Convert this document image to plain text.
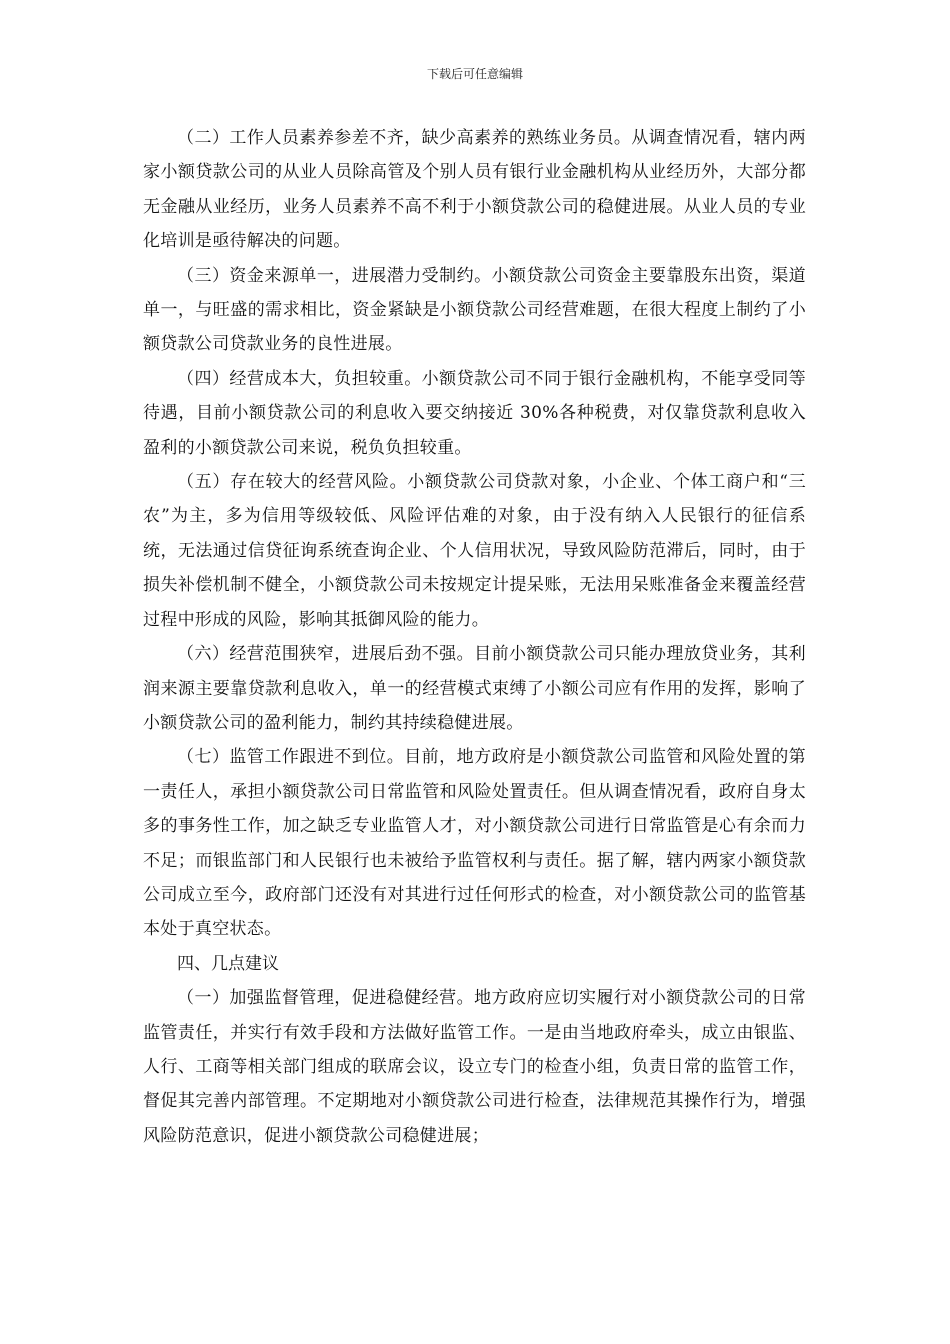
下载后可任意编辑

（二）工作人员素养参差不齐，缺少高素养的熟练业务员。从调查情况看，辖内两家小额贷款公司的从业人员除高管及个别人员有银行业金融机构从业经历外，大部分都无金融从业经历，业务人员素养不高不利于小额贷款公司的稳健进展。从业人员的专业化培训是亟待解决的问题。

（三）资金来源单一，进展潜力受制约。小额贷款公司资金主要靠股东出资，渠道单一，与旺盛的需求相比，资金紧缺是小额贷款公司经营难题，在很大程度上制约了小额贷款公司贷款业务的良性进展。

（四）经营成本大，负担较重。小额贷款公司不同于银行金融机构，不能享受同等待遇，目前小额贷款公司的利息收入要交纳接近 30%各种税费，对仅靠贷款利息收入盈利的小额贷款公司来说，税负负担较重。

（五）存在较大的经营风险。小额贷款公司贷款对象，小企业、个体工商户和“三农”为主，多为信用等级较低、风险评估难的对象，由于没有纳入人民银行的征信系统，无法通过信贷征询系统查询企业、个人信用状况，导致风险防范滞后，同时，由于损失补偿机制不健全，小额贷款公司未按规定计提呆账，无法用呆账准备金来覆盖经营过程中形成的风险，影响其抵御风险的能力。

（六）经营范围狭窄，进展后劲不强。目前小额贷款公司只能办理放贷业务，其利润来源主要靠贷款利息收入，单一的经营模式束缚了小额公司应有作用的发挥，影响了小额贷款公司的盈利能力，制约其持续稳健进展。

（七）监管工作跟进不到位。目前，地方政府是小额贷款公司监管和风险处置的第一责任人，承担小额贷款公司日常监管和风险处置责任。但从调查情况看，政府自身太多的事务性工作，加之缺乏专业监管人才，对小额贷款公司进行日常监管是心有余而力不足；而银监部门和人民银行也未被给予监管权利与责任。据了解，辖内两家小额贷款公司成立至今，政府部门还没有对其进行过任何形式的检查，对小额贷款公司的监管基本处于真空状态。

四、几点建议

（一）加强监督管理，促进稳健经营。地方政府应切实履行对小额贷款公司的日常监管责任，并实行有效手段和方法做好监管工作。一是由当地政府牵头，成立由银监、人行、工商等相关部门组成的联席会议，设立专门的检查小组，负责日常的监管工作，督促其完善内部管理。不定期地对小额贷款公司进行检查，法律规范其操作行为，增强风险防范意识，促进小额贷款公司稳健进展；
